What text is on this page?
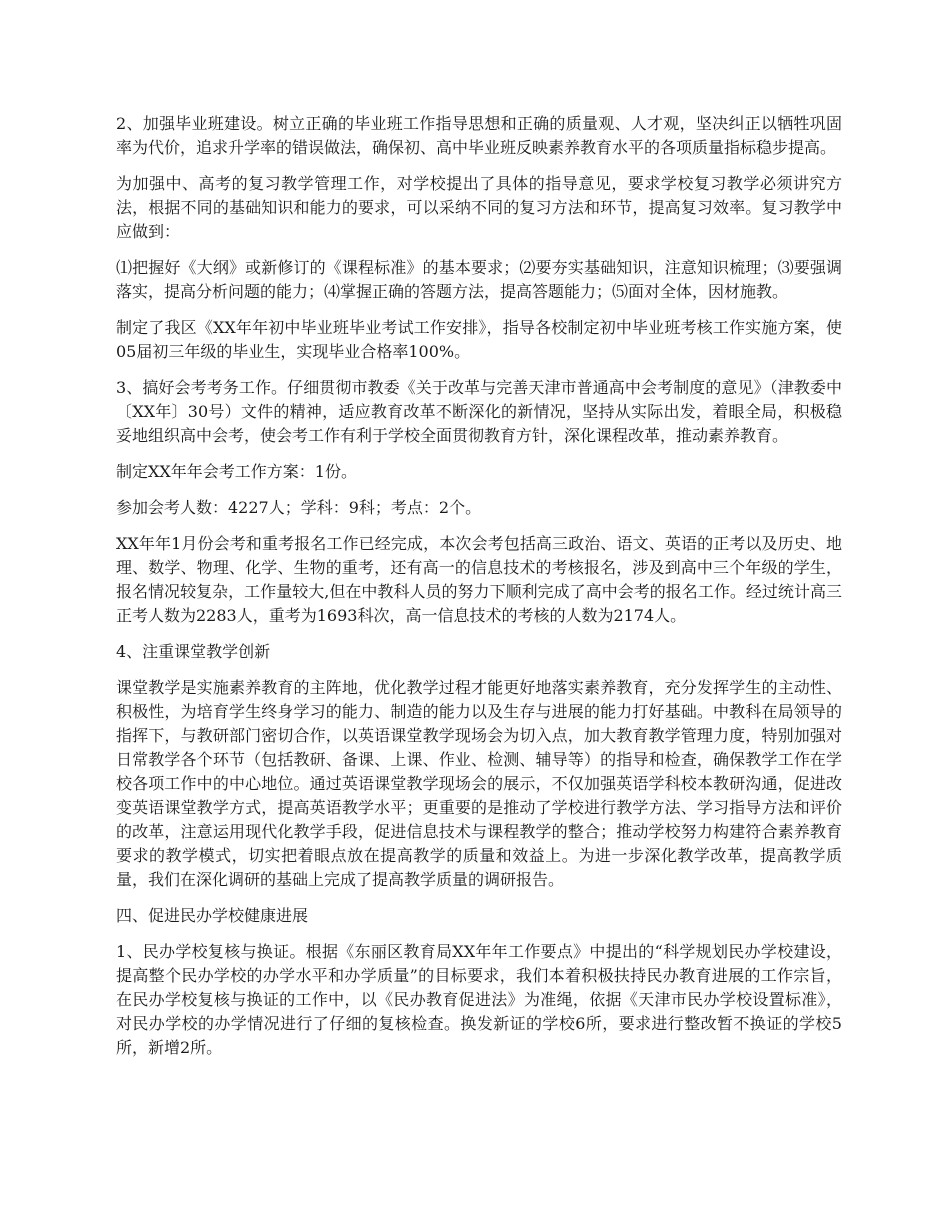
2、加强毕业班建设。树立正确的毕业班工作指导思想和正确的质量观、人才观，坚决纠正以牺牲巩固率为代价，追求升学率的错误做法，确保初、高中毕业班反映素养教育水平的各项质量指标稳步提高。

为加强中、高考的复习教学管理工作，对学校提出了具体的指导意见，要求学校复习教学必须讲究方法，根据不同的基础知识和能力的要求，可以采纳不同的复习方法和环节，提高复习效率。复习教学中应做到：

⑴把握好《大纲》或新修订的《课程标准》的基本要求；⑵要夯实基础知识，注意知识梳理；⑶要强调落实，提高分析问题的能力；⑷掌握正确的答题方法，提高答题能力；⑸面对全体，因材施教。

制定了我区《XX年年初中毕业班毕业考试工作安排》，指导各校制定初中毕业班考核工作实施方案，使05届初三年级的毕业生，实现毕业合格率100%。

3、搞好会考考务工作。仔细贯彻市教委《关于改革与完善天津市普通高中会考制度的意见》（津教委中〔XX年〕30号）文件的精神，适应教育改革不断深化的新情况，坚持从实际出发，着眼全局，积极稳妥地组织高中会考，使会考工作有利于学校全面贯彻教育方针，深化课程改革，推动素养教育。

制定XX年年会考工作方案：1份。

参加会考人数：4227人；学科：9科；考点：2个。

XX年年1月份会考和重考报名工作已经完成，本次会考包括高三政治、语文、英语的正考以及历史、地理、数学、物理、化学、生物的重考，还有高一的信息技术的考核报名，涉及到高中三个年级的学生，报名情况较复杂，工作量较大,但在中教科人员的努力下顺利完成了高中会考的报名工作。经过统计高三正考人数为2283人，重考为1693科次，高一信息技术的考核的人数为2174人。

4、注重课堂教学创新

课堂教学是实施素养教育的主阵地，优化教学过程才能更好地落实素养教育，充分发挥学生的主动性、积极性，为培育学生终身学习的能力、制造的能力以及生存与进展的能力打好基础。中教科在局领导的指挥下，与教研部门密切合作，以英语课堂教学现场会为切入点，加大教育教学管理力度，特别加强对日常教学各个环节（包括教研、备课、上课、作业、检测、辅导等）的指导和检查，确保教学工作在学校各项工作中的中心地位。通过英语课堂教学现场会的展示，不仅加强英语学科校本教研沟通，促进改变英语课堂教学方式，提高英语教学水平；更重要的是推动了学校进行教学方法、学习指导方法和评价的改革，注意运用现代化教学手段，促进信息技术与课程教学的整合；推动学校努力构建符合素养教育要求的教学模式，切实把着眼点放在提高教学的质量和效益上。为进一步深化教学改革，提高教学质量，我们在深化调研的基础上完成了提高教学质量的调研报告。

四、促进民办学校健康进展

1、民办学校复核与换证。根据《东丽区教育局XX年年工作要点》中提出的“科学规划民办学校建设，提高整个民办学校的办学水平和办学质量”的目标要求，我们本着积极扶持民办教育进展的工作宗旨，在民办学校复核与换证的工作中，以《民办教育促进法》为准绳，依据《天津市民办学校设置标准》，对民办学校的办学情况进行了仔细的复核检查。换发新证的学校6所，要求进行整改暂不换证的学校5所，新增2所。
